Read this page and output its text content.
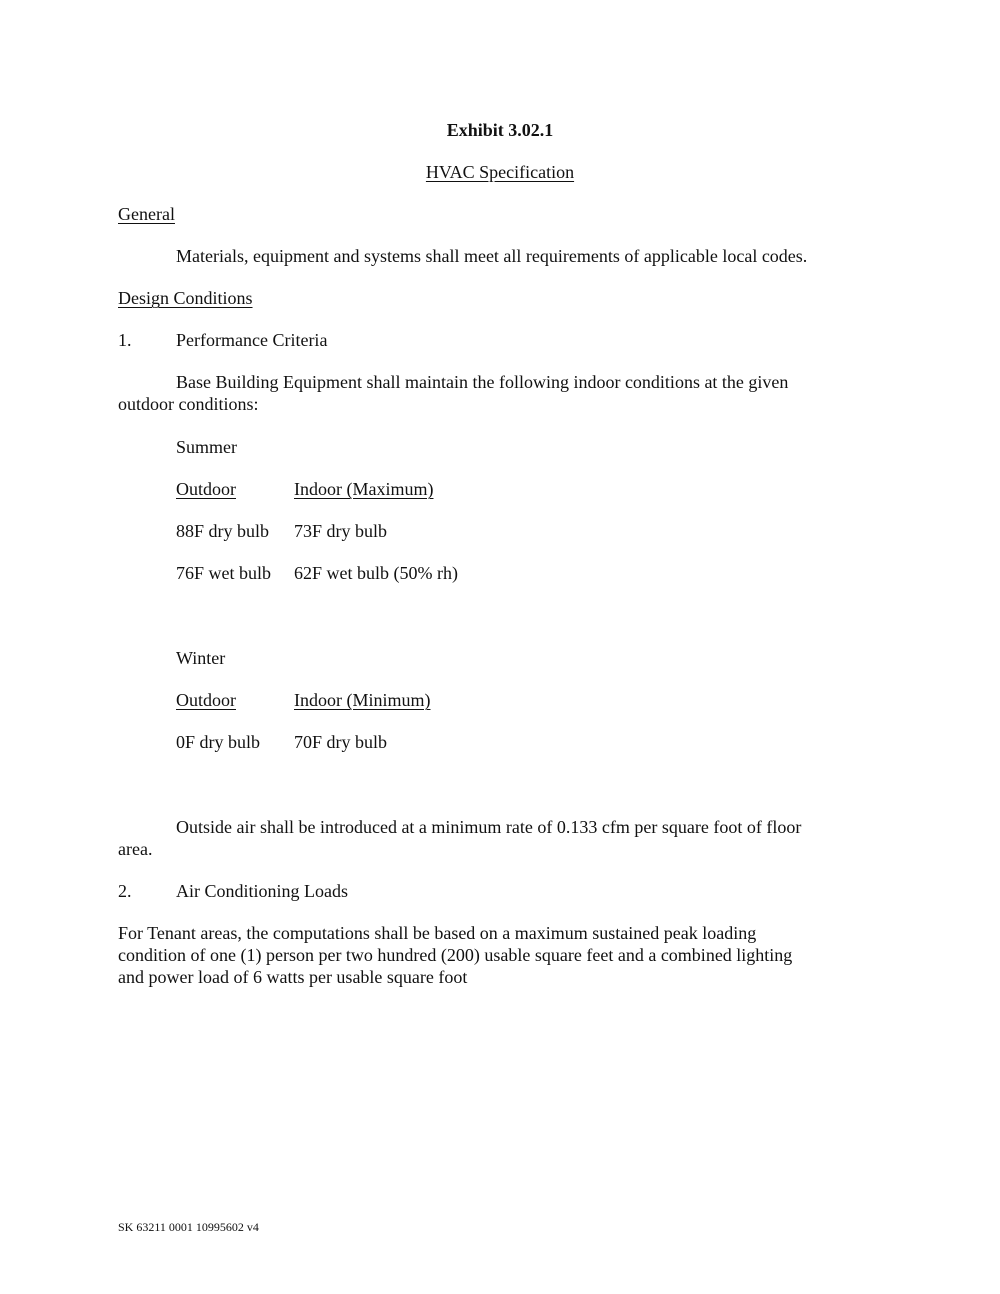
Exhibit 3.02.1
HVAC Specification
General
Materials, equipment and systems shall meet all requirements of applicable local codes.
Design Conditions
1. Performance Criteria
Base Building Equipment shall maintain the following indoor conditions at the given
outdoor conditions:
Summer
Outdoor	Indoor (Maximum)
88F dry bulb 73F dry bulb
76F wet bulb 62F wet bulb (50% rh)
Winter
Outdoor	Indoor (Minimum)
0F dry bulb 70F dry bulb
Outside air shall be introduced at a minimum rate of 0.133 cfm per square foot of floor
area.
2. Air Conditioning Loads
For Tenant areas, the computations shall be based on a maximum sustained peak loading
condition of one (1) person per two hundred (200) usable square feet and a combined lighting
and power load of 6 watts per usable square foot
SK 63211 0001 10995602 v4
